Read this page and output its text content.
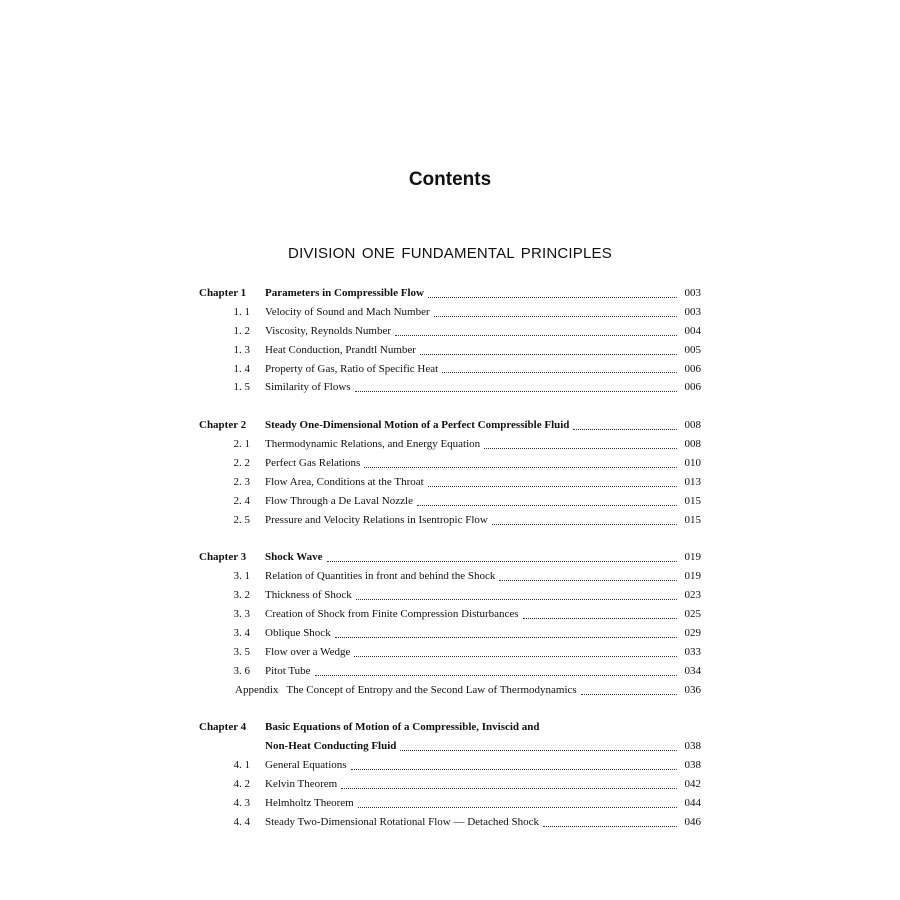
Contents
DIVISION ONE FUNDAMENTAL PRINCIPLES
Chapter 1	Parameters in Compressible Flow	003
1. 1	Velocity of Sound and Mach Number	003
1. 2	Viscosity, Reynolds Number	004
1. 3	Heat Conduction, Prandtl Number	005
1. 4	Property of Gas, Ratio of Specific Heat	006
1. 5	Similarity of Flows	006
Chapter 2	Steady One-Dimensional Motion of a Perfect Compressible Fluid	008
2. 1	Thermodynamic Relations, and Energy Equation	008
2. 2	Perfect Gas Relations	010
2. 3	Flow Area, Conditions at the Throat	013
2. 4	Flow Through a De Laval Nozzle	015
2. 5	Pressure and Velocity Relations in Isentropic Flow	015
Chapter 3	Shock Wave	019
3. 1	Relation of Quantities in front and behind the Shock	019
3. 2	Thickness of Shock	023
3. 3	Creation of Shock from Finite Compression Disturbances	025
3. 4	Oblique Shock	029
3. 5	Flow over a Wedge	033
3. 6	Pitot Tube	034
Appendix The Concept of Entropy and the Second Law of Thermodynamics	036
Chapter 4	Basic Equations of Motion of a Compressible, Inviscid and
Non-Heat Conducting Fluid	038
4. 1	General Equations	038
4. 2	Kelvin Theorem	042
4. 3	Helmholtz Theorem	044
4. 4	Steady Two-Dimensional Rotational Flow — Detached Shock	046
